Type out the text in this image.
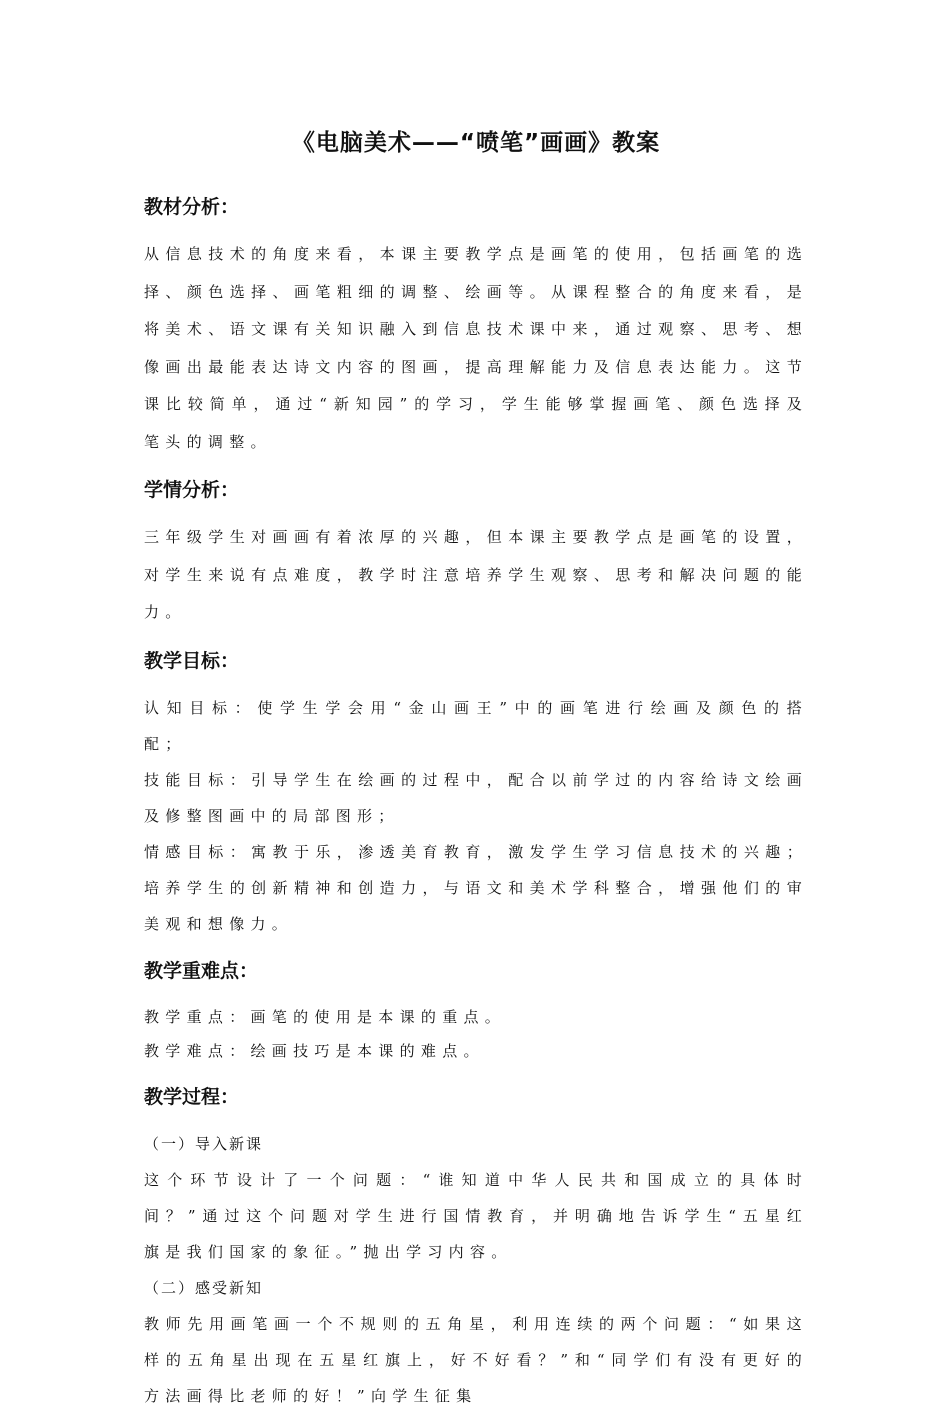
《电脑美术——“喷笔”画画》教案
教材分析：

从信息技术的角度来看，本课主要教学点是画笔的使用，包括画笔的选择、颜色选择、画笔粗细的调整、绘画等。从课程整合的角度来看，是将美术、语文课有关知识融入到信息技术课中来，通过观察、思考、想像画出最能表达诗文内容的图画，提高理解能力及信息表达能力。这节课比较简单，通过“新知园”的学习，学生能够掌握画笔、颜色选择及笔头的调整。

学情分析：

三年级学生对画画有着浓厚的兴趣，但本课主要教学点是画笔的设置，对学生来说有点难度，教学时注意培养学生观察、思考和解决问题的能力。

教学目标：

认知目标：使学生学会用“金山画王”中的画笔进行绘画及颜色的搭配；

技能目标：引导学生在绘画的过程中，配合以前学过的内容给诗文绘画及修整图画中的局部图形；

情感目标：寓教于乐，渗透美育教育，激发学生学习信息技术的兴趣； 培养学生的创新精神和创造力，与语文和美术学科整合，增强他们的审美观和想像力。

教学重难点：

教学重点：画笔的使用是本课的重点。

教学难点：绘画技巧是本课的难点。

教学过程：

（一）导入新课

这个环节设计了一个问题：“谁知道中华人民共和国成立的具体时间？”通过这个问题对学生进行国情教育，并明确地告诉学生“五星红旗是我们国家的象征。”抛出学习内容。

（二）感受新知

教师先用画笔画一个不规则的五角星，利用连续的两个问题：“如果这样的五角星出现在五星红旗上，好不好看？”和“同学们有没有更好的方法画得比老师的好！”向学生征集
